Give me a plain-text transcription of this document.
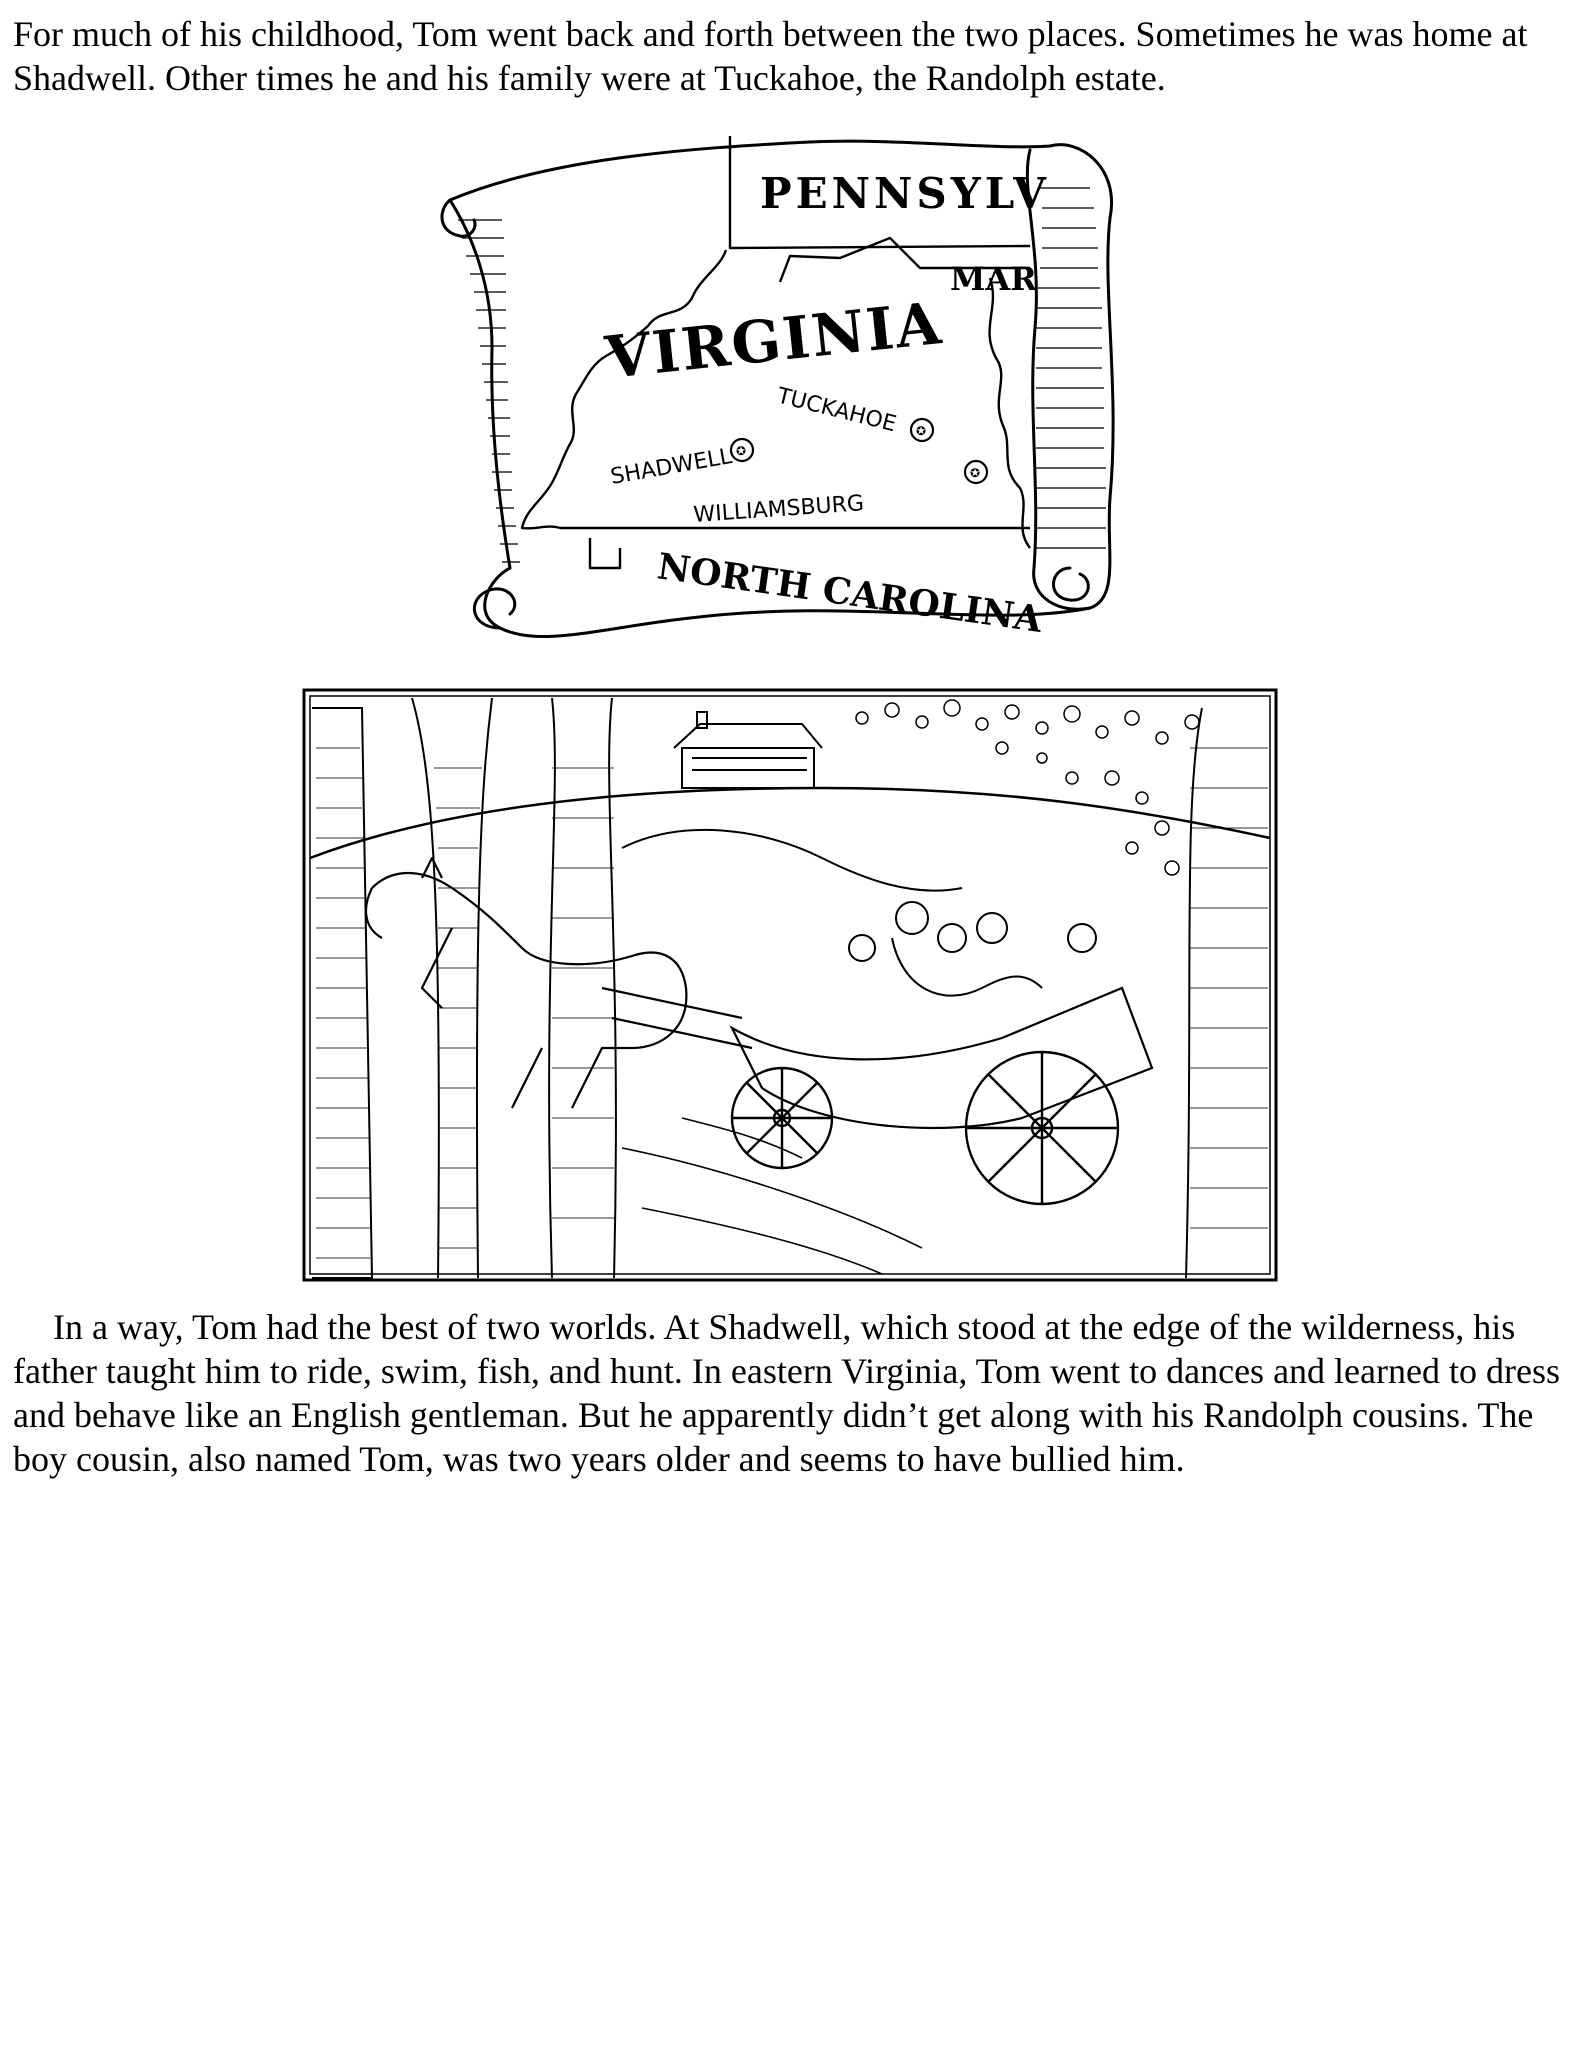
For much of his childhood, Tom went back and forth between the two places. Sometimes he was home at Shadwell. Other times he and his family were at Tuckahoe, the Randolph estate.

✪
✪
✪
PENNSYLV
MAR
VIRGINIA
TUCKAHOE
SHADWELL
WILLIAMSBURG
NORTH CAROLINA

In a way, Tom had the best of two worlds. At Shadwell, which stood at the edge of the wilderness, his father taught him to ride, swim, fish, and hunt. In eastern Virginia, Tom went to dances and learned to dress and behave like an English gentleman. But he apparently didn’t get along with his Randolph cousins. The boy cousin, also named Tom, was two years older and seems to have bullied him.
